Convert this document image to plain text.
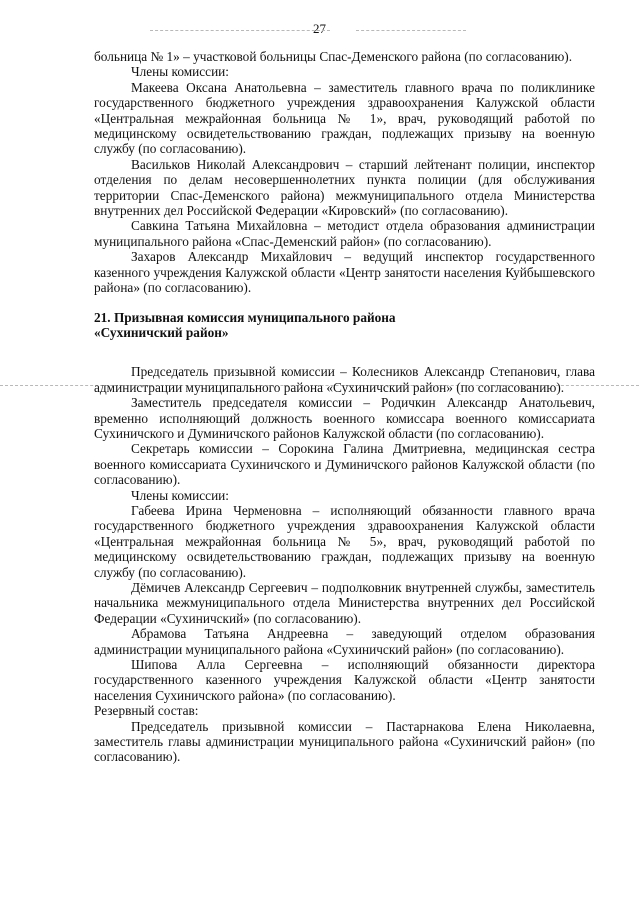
27

больница № 1» – участковой больницы Спас-Деменского района (по согласованию).

Члены комиссии:

Макеева Оксана Анатольевна – заместитель главного врача по поликлинике государственного бюджетного учреждения здравоохранения Калужской области «Центральная межрайонная больница № 1», врач, руководящий работой по медицинскому освидетельствованию граждан, подлежащих призыву на военную службу (по согласованию).

Васильков Николай Александрович – старший лейтенант полиции, инспектор отделения по делам несовершеннолетних пункта полиции (для обслуживания территории Спас-Деменского района) межмуниципального отдела Министерства внутренних дел Российской Федерации «Кировский» (по согласованию).

Савкина Татьяна Михайловна – методист отдела образования администрации муниципального района «Спас-Деменский район» (по согласованию).

Захаров Александр Михайлович – ведущий инспектор государственного казенного учреждения Калужской области «Центр занятости населения Куйбышевского района» (по согласованию).

21. Призывная комиссия муниципального района

«Сухиничский район»

Председатель призывной комиссии – Колесников Александр Степанович, глава администрации муниципального района «Сухиничский район» (по согласованию).

Заместитель председателя комиссии – Родичкин Александр Анатольевич, временно исполняющий должность военного комиссара военного комиссариата Сухиничского и Думиничского районов Калужской области (по согласованию).

Секретарь комиссии – Сорокина Галина Дмитриевна, медицинская сестра военного комиссариата Сухиничского и Думиничского районов Калужской области (по согласованию).

Члены комиссии:

Габеева Ирина Черменовна – исполняющий обязанности главного врача государственного бюджетного учреждения здравоохранения Калужской области «Центральная межрайонная больница № 5», врач, руководящий работой по медицинскому освидетельствованию граждан, подлежащих призыву на военную службу (по согласованию).

Дёмичев Александр Сергеевич – подполковник внутренней службы, заместитель начальника межмуниципального отдела Министерства внутренних дел Российской Федерации «Сухиничский» (по согласованию).

Абрамова Татьяна Андреевна – заведующий отделом образования администрации муниципального района «Сухиничский район» (по согласованию).

Шипова Алла Сергеевна – исполняющий обязанности директора государственного казенного учреждения Калужской области «Центр занятости населения Сухиничского района» (по согласованию).

Резервный состав:

Председатель призывной комиссии – Пастарнакова Елена Николаевна, заместитель главы администрации муниципального района «Сухиничский район» (по согласованию).
